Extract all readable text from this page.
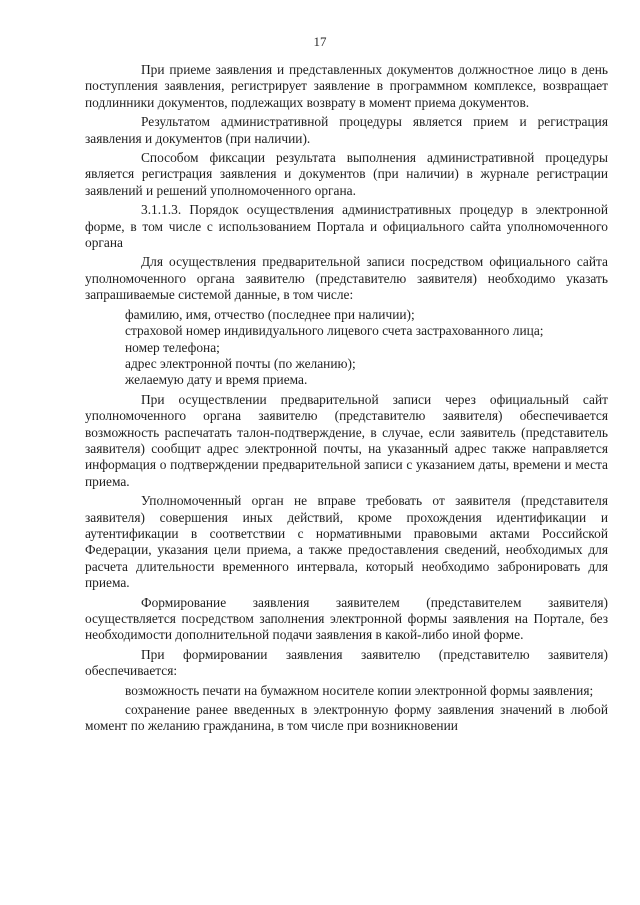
17

При приеме заявления и представленных документов должностное лицо в день поступления заявления, регистрирует заявление в программном комплексе, возвращает подлинники документов, подлежащих возврату в момент приема документов.

Результатом административной процедуры является прием и регистрация заявления и документов (при наличии).

Способом фиксации результата выполнения административной процедуры является регистрация заявления и документов (при наличии) в журнале регистрации заявлений и решений уполномоченного органа.

3.1.1.3. Порядок осуществления административных процедур в электронной форме, в том числе с использованием Портала и официального сайта уполномоченного органа

Для осуществления предварительной записи посредством официального сайта уполномоченного органа заявителю (представителю заявителя) необходимо указать запрашиваемые системой данные, в том числе:

фамилию, имя, отчество (последнее при наличии);

страховой номер индивидуального лицевого счета застрахованного лица;

номер телефона;

адрес электронной почты (по желанию);

желаемую дату и время приема.

При осуществлении предварительной записи через официальный сайт уполномоченного органа заявителю (представителю заявителя) обеспечивается возможность распечатать талон-подтверждение, в случае, если заявитель (представитель заявителя) сообщит адрес электронной почты, на указанный адрес также направляется информация о подтверждении предварительной записи с указанием даты, времени и места приема.

Уполномоченный орган не вправе требовать от заявителя (представителя заявителя) совершения иных действий, кроме прохождения идентификации и аутентификации в соответствии с нормативными правовыми актами Российской Федерации, указания цели приема, а также предоставления сведений, необходимых для расчета длительности временного интервала, который необходимо забронировать для приема.

Формирование заявления заявителем (представителем заявителя) осуществляется посредством заполнения электронной формы заявления на Портале, без необходимости дополнительной подачи заявления в какой-либо иной форме.

При формировании заявления заявителю (представителю заявителя) обеспечивается:

возможность печати на бумажном носителе копии электронной формы заявления;

сохранение ранее введенных в электронную форму заявления значений в любой момент по желанию гражданина, в том числе при возникновении
